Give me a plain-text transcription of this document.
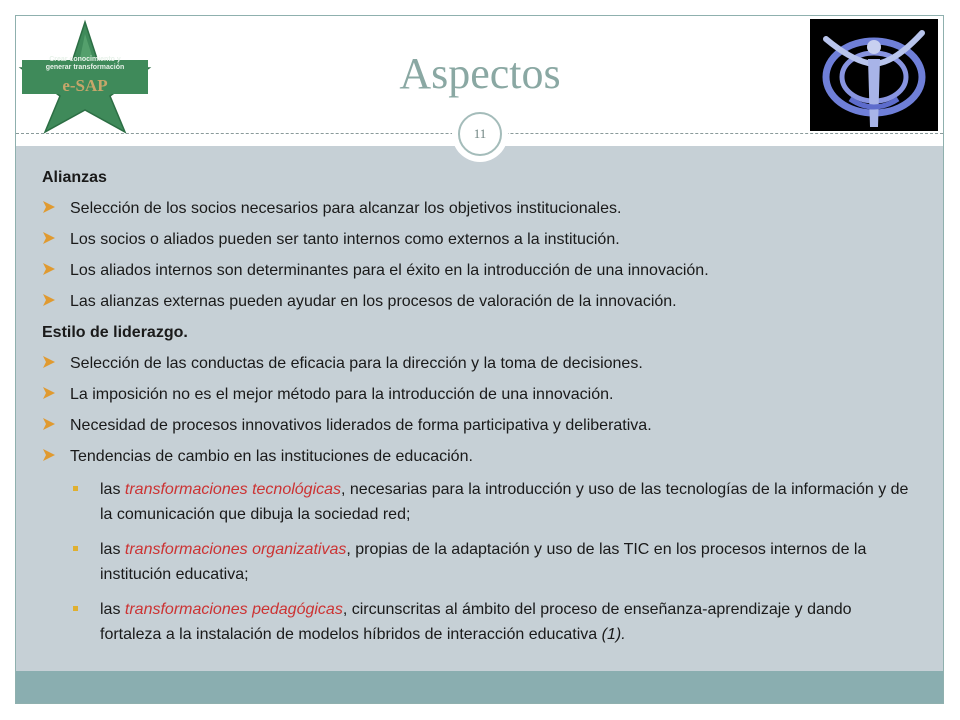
Crear conocimiento y
generar transformación
e-SAP	Aspectos
11
Alianzas
Selección de los socios necesarios para alcanzar los objetivos institucionales.
Los socios o aliados pueden ser tanto internos como externos a la institución.
Los aliados internos son determinantes para el éxito en la introducción de una innovación.
Las alianzas externas pueden ayudar en los procesos de valoración de la innovación.
Estilo de liderazgo.
Selección de las conductas de eficacia para la dirección y la toma de decisiones.
La imposición no es el mejor método para la introducción de una innovación.
Necesidad de procesos innovativos liderados de forma participativa y deliberativa.
Tendencias de cambio en las instituciones de educación.
las transformaciones tecnológicas, necesarias para la introducción y uso de las tecnologías de la información y de la comunicación que dibuja la sociedad red;
las transformaciones organizativas, propias de la adaptación y uso de las TIC en los procesos internos de la institución educativa;
las transformaciones pedagógicas, circunscritas al ámbito del proceso de enseñanza-aprendizaje y dando fortaleza a la instalación de modelos híbridos de interacción educativa (1).
